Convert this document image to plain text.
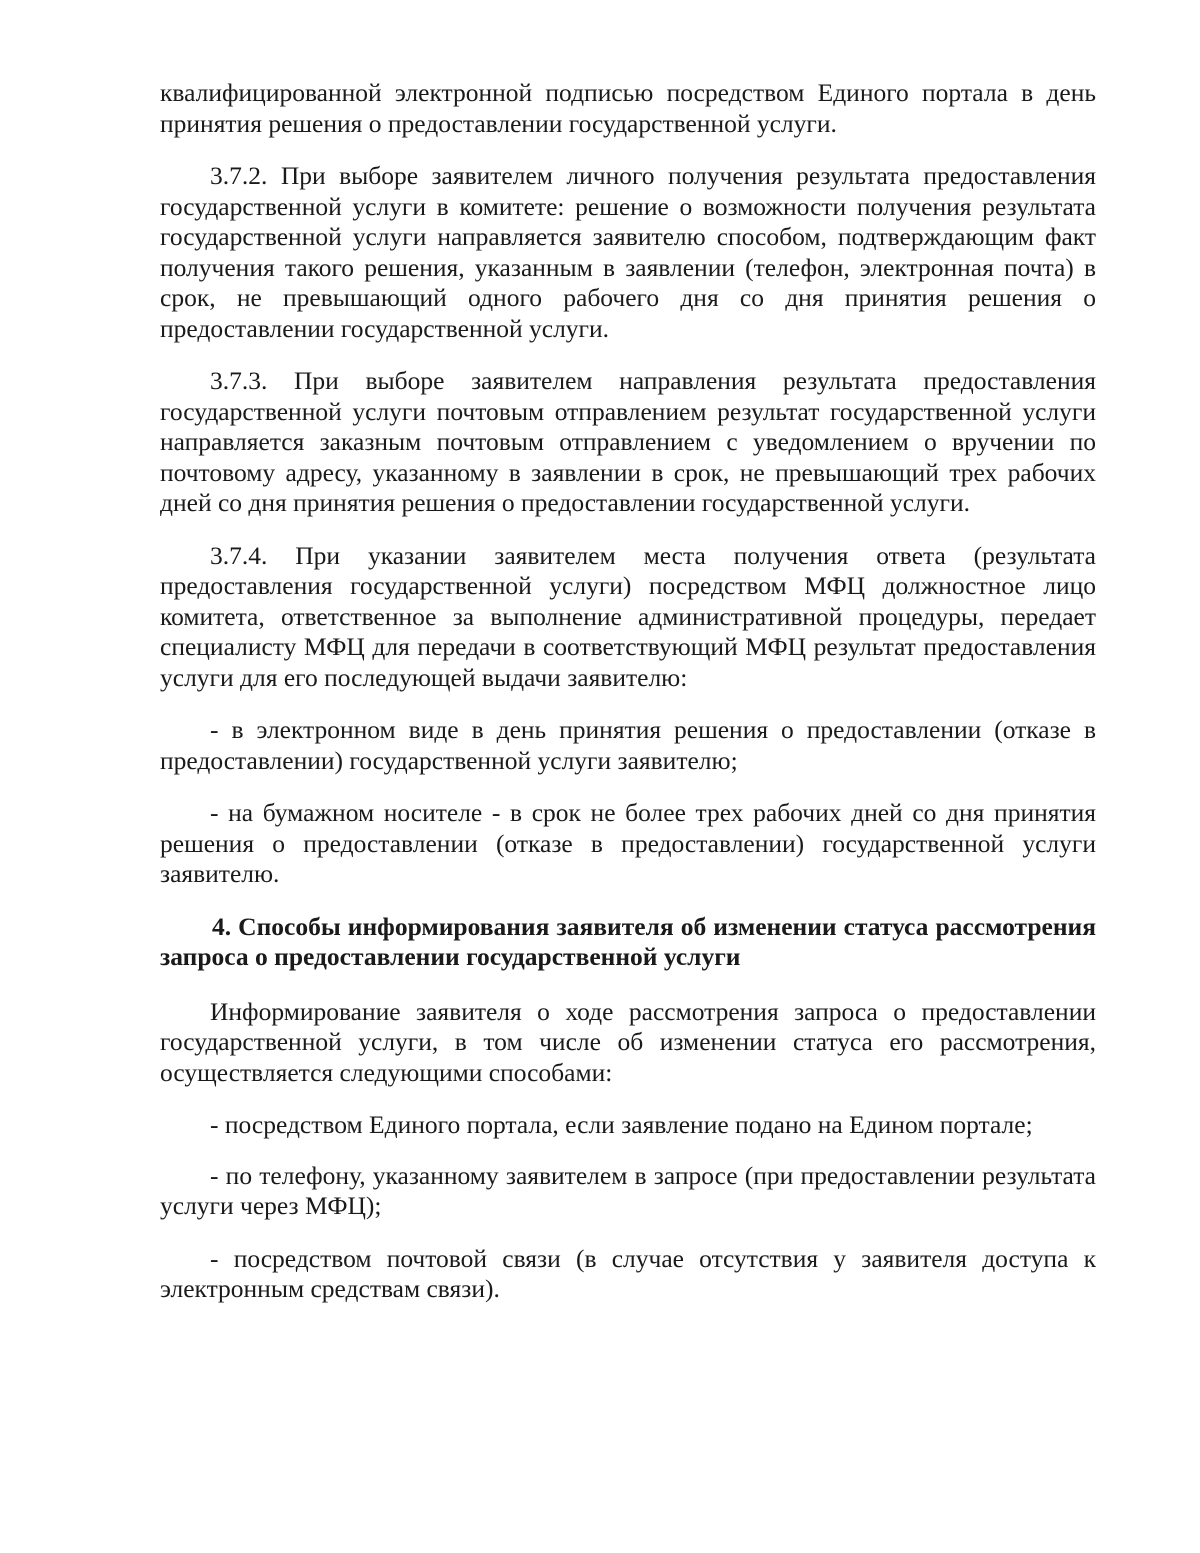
квалифицированной электронной подписью посредством Единого портала в день принятия решения о предоставлении государственной услуги.

3.7.2. При выборе заявителем личного получения результата предоставления государственной услуги в комитете: решение о возможности получения результата государственной услуги направляется заявителю способом, подтверждающим факт получения такого решения, указанным в заявлении (телефон, электронная почта) в срок, не превышающий одного рабочего дня со дня принятия решения о предоставлении государственной услуги.

3.7.3. При выборе заявителем направления результата предоставления государственной услуги почтовым отправлением результат государственной услуги направляется заказным почтовым отправлением с уведомлением о вручении по почтовому адресу, указанному в заявлении в срок, не превышающий трех рабочих дней со дня принятия решения о предоставлении государственной услуги.

3.7.4. При указании заявителем места получения ответа (результата предоставления государственной услуги) посредством МФЦ должностное лицо комитета, ответственное за выполнение административной процедуры, передает специалисту МФЦ для передачи в соответствующий МФЦ результат предоставления услуги для его последующей выдачи заявителю:

- в электронном виде в день принятия решения о предоставлении (отказе в предоставлении) государственной услуги заявителю;

- на бумажном носителе - в срок не более трех рабочих дней со дня принятия решения о предоставлении (отказе в предоставлении) государственной услуги заявителю.

4. Способы информирования заявителя об изменении статуса рассмотрения запроса о предоставлении государственной услуги

Информирование заявителя о ходе рассмотрения запроса о предоставлении государственной услуги, в том числе об изменении статуса его рассмотрения, осуществляется следующими способами:

- посредством Единого портала, если заявление подано на Едином портале;

- по телефону, указанному заявителем в запросе (при предоставлении результата услуги через МФЦ);

- посредством почтовой связи (в случае отсутствия у заявителя доступа к электронным средствам связи).
